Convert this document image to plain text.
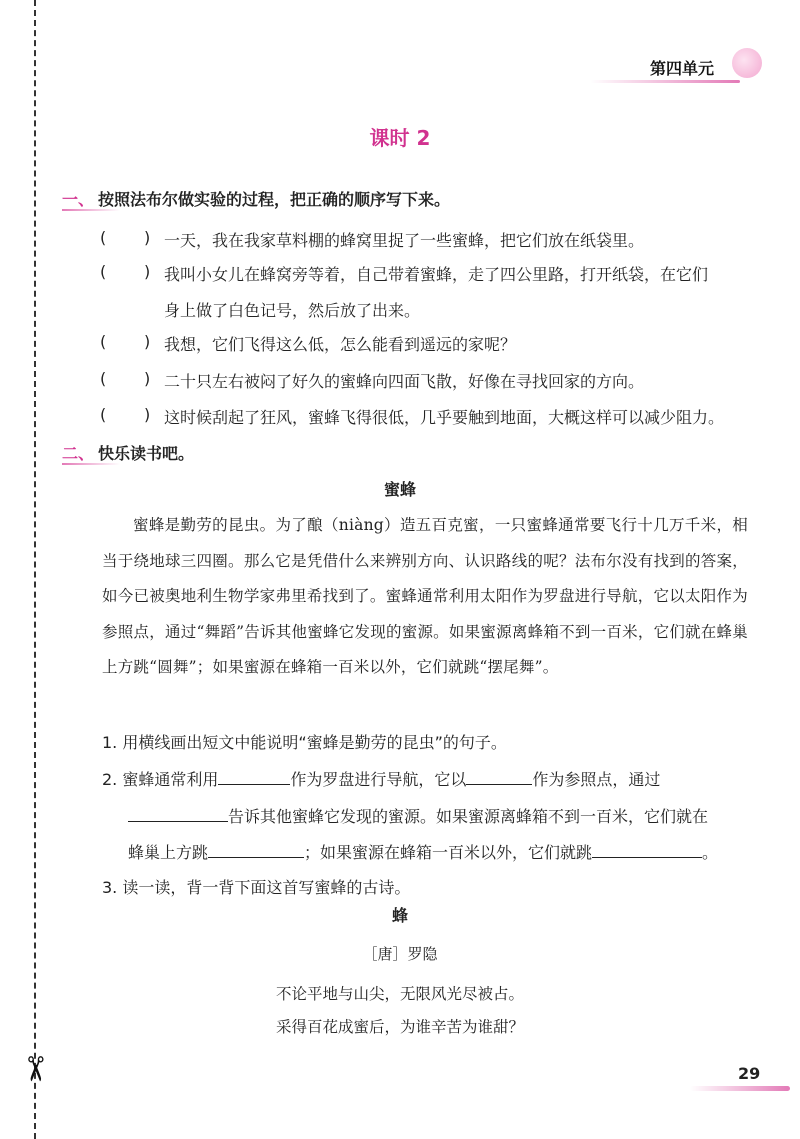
✂
第四单元
课时 2
一、 按照法布尔做实验的过程，把正确的顺序写下来。
( ) 一天，我在我家草料棚的蜂窝里捉了一些蜜蜂，把它们放在纸袋里。
( ) 我叫小女儿在蜂窝旁等着，自己带着蜜蜂，走了四公里路，打开纸袋，在它们
身上做了白色记号，然后放了出来。
( ) 我想，它们飞得这么低，怎么能看到遥远的家呢？
( ) 二十只左右被闷了好久的蜜蜂向四面飞散，好像在寻找回家的方向。
( ) 这时候刮起了狂风，蜜蜂飞得很低，几乎要触到地面，大概这样可以减少阻力。
二、 快乐读书吧。
蜜蜂
蜜蜂是勤劳的昆虫。为了酿（niàng）造五百克蜜，一只蜜蜂通常要飞行十几万千米，相当于绕地球三四圈。那么它是凭借什么来辨别方向、认识路线的呢？法布尔没有找到的答案，如今已被奥地利生物学家弗里希找到了。蜜蜂通常利用太阳作为罗盘进行导航，它以太阳作为参照点，通过“舞蹈”告诉其他蜜蜂它发现的蜜源。如果蜜源离蜂箱不到一百米，它们就在蜂巢上方跳“圆舞”；如果蜜源在蜂箱一百米以外，它们就跳“摆尾舞”。
1. 用横线画出短文中能说明“蜜蜂是勤劳的昆虫”的句子。
2. 蜜蜂通常利用	作为罗盘进行导航，它以	作为参照点，通过
告诉其他蜜蜂它发现的蜜源。如果蜜源离蜂箱不到一百米，它们就在
蜂巢上方跳	；如果蜜源在蜂箱一百米以外，它们就跳	。
3. 读一读，背一背下面这首写蜜蜂的古诗。
蜂
［唐］罗隐
不论平地与山尖，无限风光尽被占。
采得百花成蜜后，为谁辛苦为谁甜？
29
